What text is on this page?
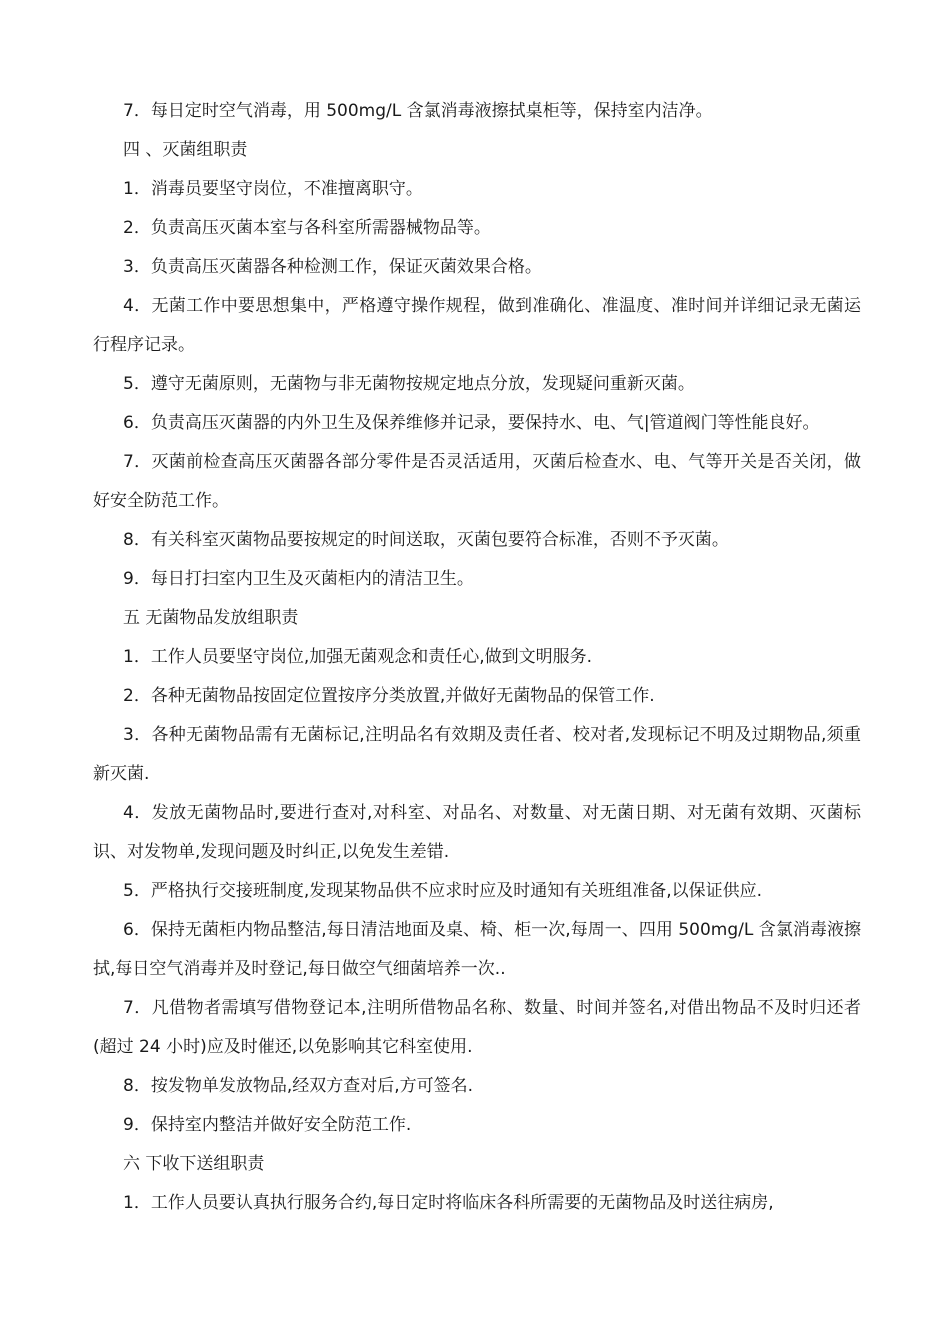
7．每日定时空气消毒，用 500mg/L 含氯消毒液擦拭桌柜等，保持室内洁净。

四 、灭菌组职责

1．消毒员要坚守岗位，不准擅离职守。

2．负责高压灭菌本室与各科室所需器械物品等。

3．负责高压灭菌器各种检测工作，保证灭菌效果合格。

4．无菌工作中要思想集中，严格遵守操作规程，做到准确化、准温度、准时间并详细记录无菌运行程序记录。

5．遵守无菌原则，无菌物与非无菌物按规定地点分放，发现疑问重新灭菌。

6．负责高压灭菌器的内外卫生及保养维修并记录，要保持水、电、气|管道阀门等性能良好。

7．灭菌前检查高压灭菌器各部分零件是否灵活适用，灭菌后检查水、电、气等开关是否关闭，做好安全防范工作。

8．有关科室灭菌物品要按规定的时间送取，灭菌包要符合标准，否则不予灭菌。

9．每日打扫室内卫生及灭菌柜内的清洁卫生。

五 无菌物品发放组职责

1．工作人员要坚守岗位,加强无菌观念和责任心,做到文明服务.

2．各种无菌物品按固定位置按序分类放置,并做好无菌物品的保管工作.

3．各种无菌物品需有无菌标记,注明品名有效期及责任者、校对者,发现标记不明及过期物品,须重新灭菌.

4．发放无菌物品时,要进行查对,对科室、对品名、对数量、对无菌日期、对无菌有效期、灭菌标识、对发物单,发现问题及时纠正,以免发生差错.

5．严格执行交接班制度,发现某物品供不应求时应及时通知有关班组准备,以保证供应.

6．保持无菌柜内物品整洁,每日清洁地面及桌、椅、柜一次,每周一、四用 500mg/L 含氯消毒液擦拭,每日空气消毒并及时登记,每日做空气细菌培养一次..

7．凡借物者需填写借物登记本,注明所借物品名称、数量、时间并签名,对借出物品不及时归还者(超过 24 小时)应及时催还,以免影响其它科室使用.

8．按发物单发放物品,经双方查对后,方可签名.

9．保持室内整洁并做好安全防范工作.

六 下收下送组职责

1．工作人员要认真执行服务合约,每日定时将临床各科所需要的无菌物品及时送往病房,
